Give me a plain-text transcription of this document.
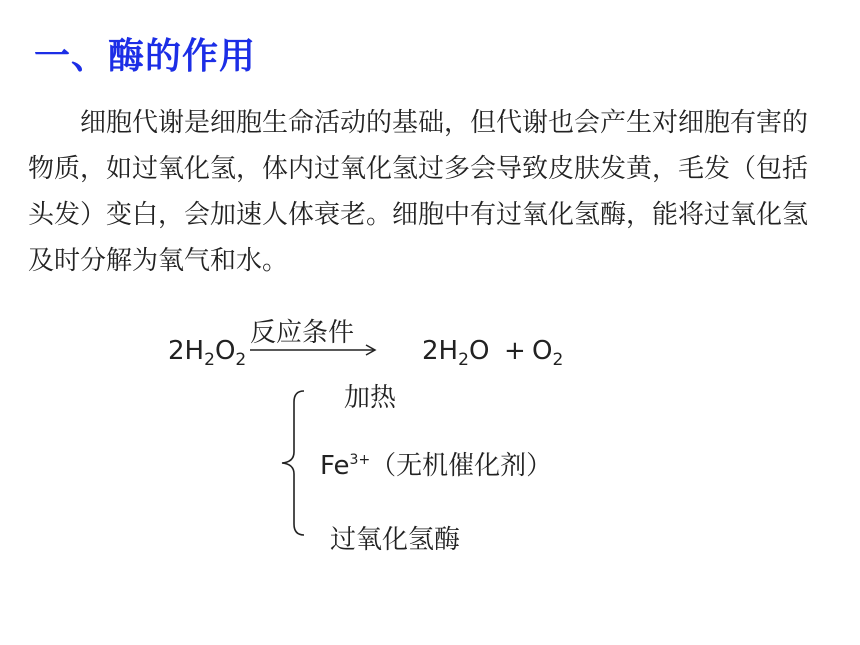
一、酶的作用

细胞代谢是细胞生命活动的基础，但代谢也会产生对细胞有害的物质，如过氧化氢，体内过氧化氢过多会导致皮肤发黄，毛发（包括头发）变白，会加速人体衰老。细胞中有过氧化氢酶，能将过氧化氢及时分解为氧气和水。

$2H_2O_2$
反应条件
$2H_2O + O_2$
加热
$Fe^{3+}$（无机催化剂）
过氧化氢酶
